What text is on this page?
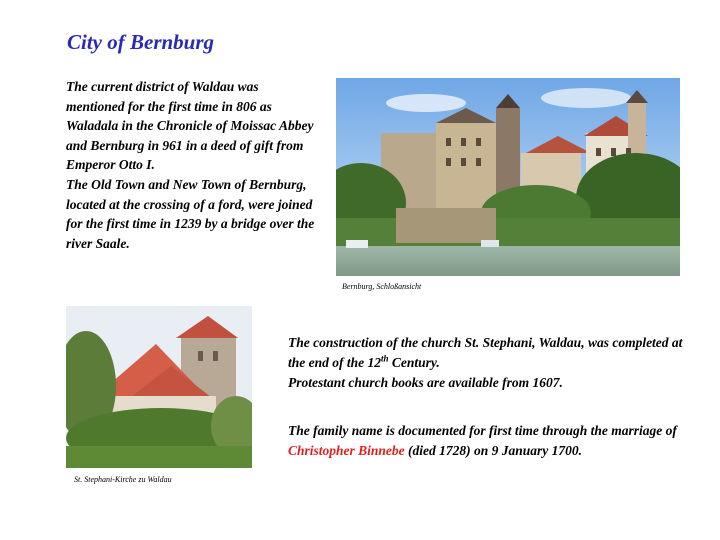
City of Bernburg

The current district of Waldau was mentioned for the first time in 806 as Waladala in the Chronicle of Moissac Abbey and Bernburg in 961 in a deed of gift from Emperor Otto I.

The Old Town and New Town of Bernburg, located at the crossing of a ford, were joined for the first time in 1239 by a bridge over the river Saale.

Bernburg, Schloßansicht
St. Stephani-Kirche zu Waldau

The construction of the church St. Stephani, Waldau, was completed at the end of the 12th Century.

Protestant church books are available from 1607.

The family name is documented for first time through the marriage of Christopher Binnebe (died 1728) on 9 January 1700.
